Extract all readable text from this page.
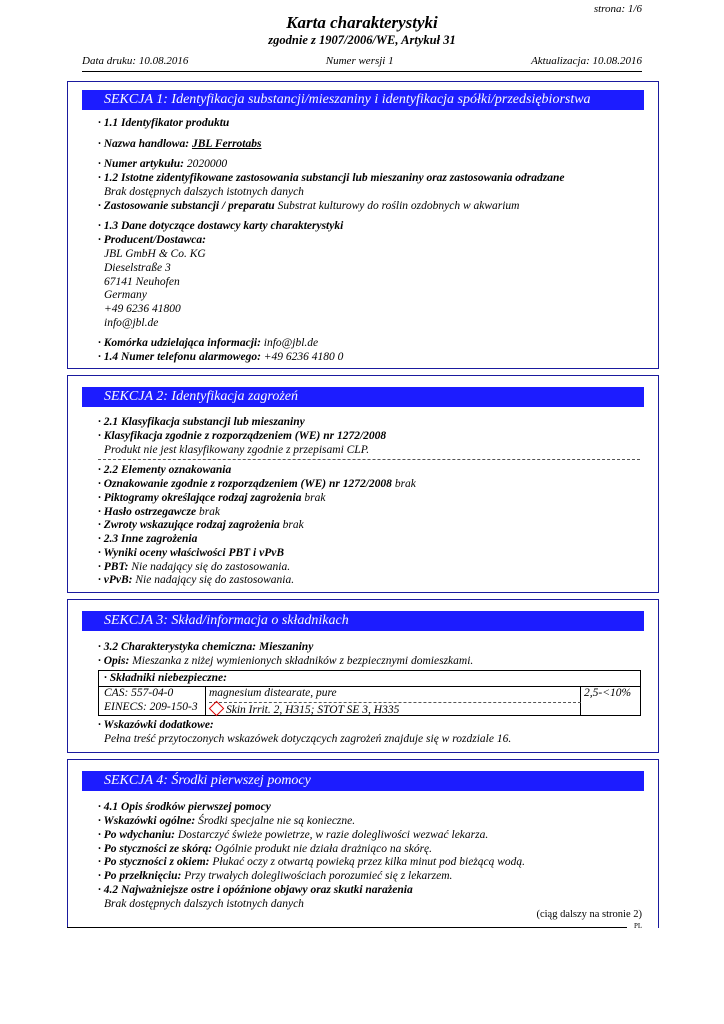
strona: 1/6
Karta charakterystyki
zgodnie z 1907/2006/WE, Artykuł 31
Data druku: 10.08.2016	Numer wersji 1	Aktualizacja: 10.08.2016
SEKCJA 1: Identyfikacja substancji/mieszaniny i identyfikacja spółki/przedsiębiorstwa
· 1.1 Identyfikator produktu
· Nazwa handlowa: JBL Ferrotabs
· Numer artykułu: 2020000
· 1.2 Istotne zidentyfikowane zastosowania substancji lub mieszaniny oraz zastosowania odradzane
Brak dostępnych dalszych istotnych danych
· Zastosowanie substancji / preparatu Substrat kulturowy do roślin ozdobnych w akwarium
· 1.3 Dane dotyczące dostawcy karty charakterystyki
· Producent/Dostawca:
JBL GmbH & Co. KG
Dieselstraße 3
67141 Neuhofen
Germany
+49 6236 41800
info@jbl.de
· Komórka udzielająca informacji: info@jbl.de
· 1.4 Numer telefonu alarmowego: +49 6236 4180 0
SEKCJA 2: Identyfikacja zagrożeń
· 2.1 Klasyfikacja substancji lub mieszaniny
· Klasyfikacja zgodnie z rozporządzeniem (WE) nr 1272/2008
Produkt nie jest klasyfikowany zgodnie z przepisami CLP.
· 2.2 Elementy oznakowania
· Oznakowanie zgodnie z rozporządzeniem (WE) nr 1272/2008 brak
· Piktogramy określające rodzaj zagrożenia brak
· Hasło ostrzegawcze brak
· Zwroty wskazujące rodzaj zagrożenia brak
· 2.3 Inne zagrożenia
· Wyniki oceny właściwości PBT i vPvB
· PBT: Nie nadający się do zastosowania.
· vPvB: Nie nadający się do zastosowania.
SEKCJA 3: Skład/informacja o składnikach
· 3.2 Charakterystyka chemiczna: Mieszaniny
· Opis: Mieszanka z niżej wymienionych składników z bezpiecznymi domieszkami.
· Składniki niebezpieczne:
CAS: 557-04-0
EINECS: 209-150-3
magnesium distearate, pure
Skin Irrit. 2, H315; STOT SE 3, H335
2,5-<10%
· Wskazówki dodatkowe:
Pełna treść przytoczonych wskazówek dotyczących zagrożeń znajduje się w rozdziale 16.
SEKCJA 4: Środki pierwszej pomocy
· 4.1 Opis środków pierwszej pomocy
· Wskazówki ogólne: Środki specjalne nie są konieczne.
· Po wdychaniu: Dostarczyć świeże powietrze, w razie dolegliwości wezwać lekarza.
· Po styczności ze skórą: Ogólnie produkt nie działa drażniąco na skórę.
· Po styczności z okiem: Płukać oczy z otwartą powieką przez kilka minut pod bieżącą wodą.
· Po przełknięciu: Przy trwałych dolegliwościach porozumieć się z lekarzem.
· 4.2 Najważniejsze ostre i opóźnione objawy oraz skutki narażenia
Brak dostępnych dalszych istotnych danych
(ciąg dalszy na stronie 2)
PL
